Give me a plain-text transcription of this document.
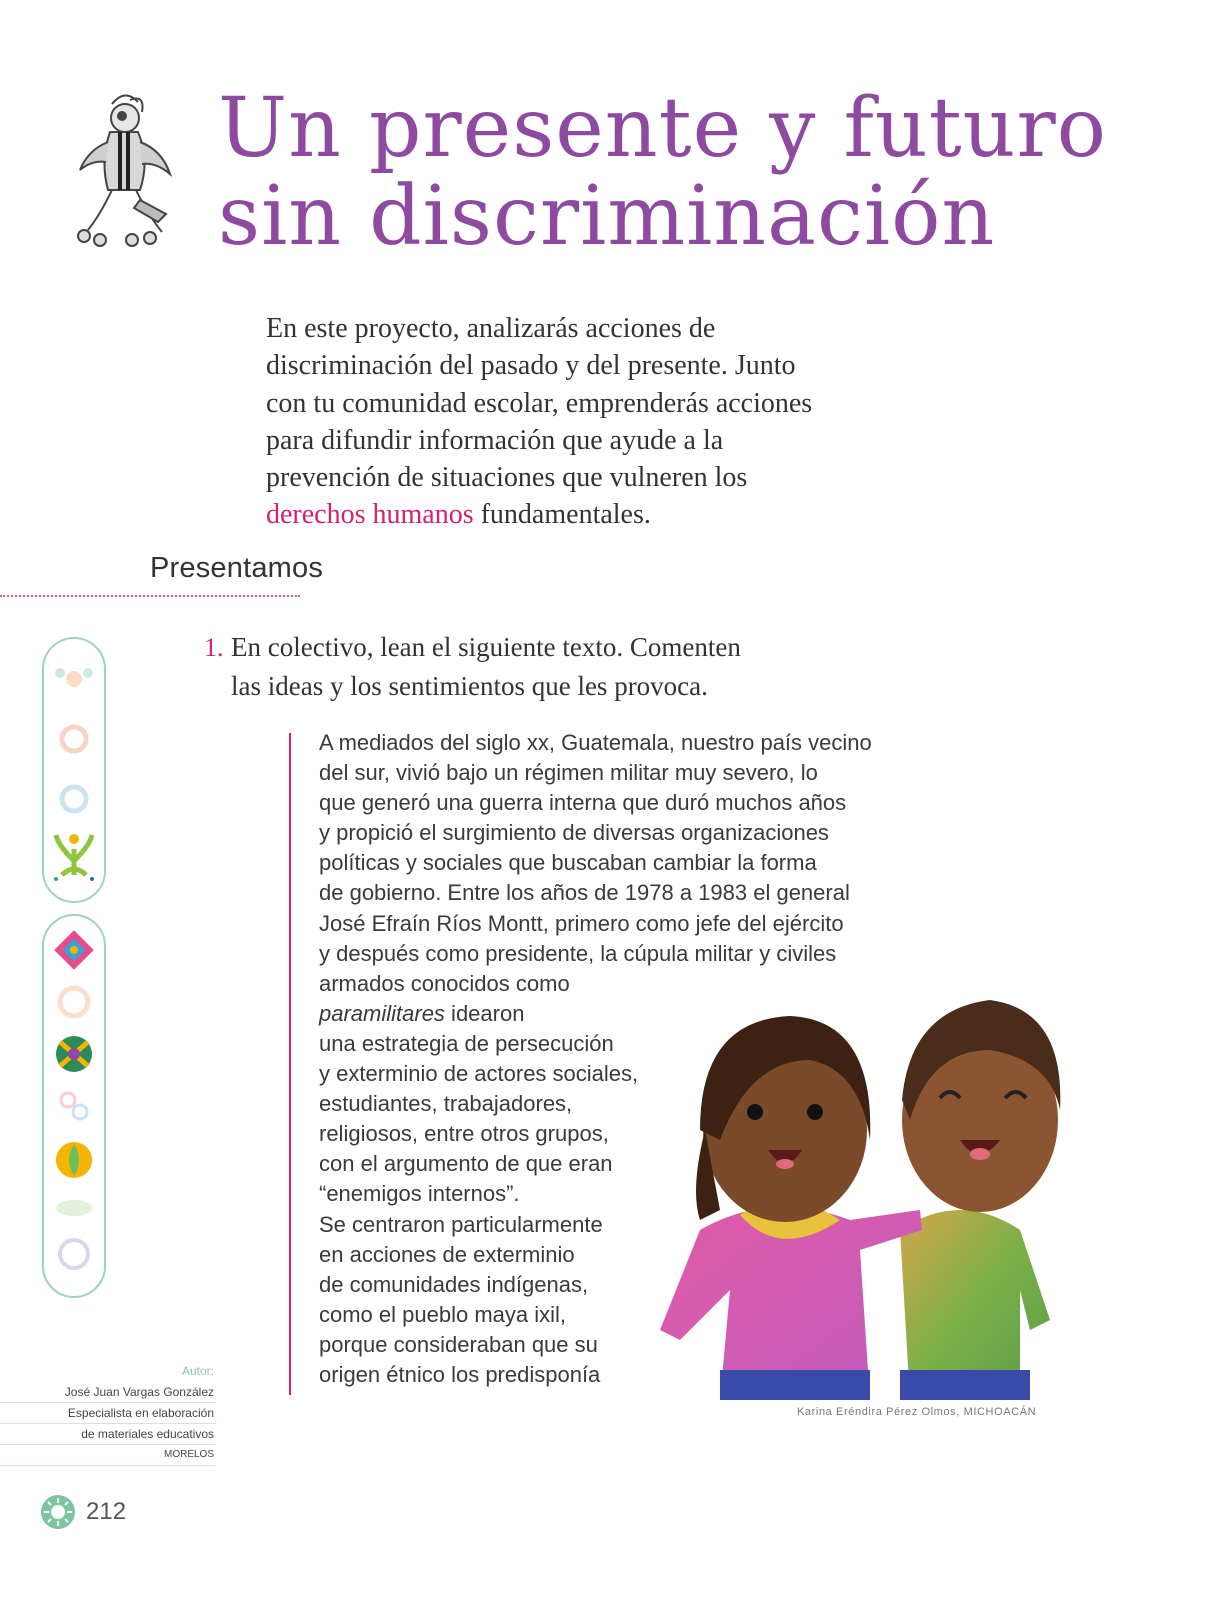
Un presente y futuro
sin discriminación
En este proyecto, analizarás acciones de discriminación del pasado y del presente. Junto con tu comunidad escolar, emprenderás acciones para difundir información que ayude a la prevención de situaciones que vulneren los derechos humanos fundamentales.
Presentamos
1. En colectivo, lean el siguiente texto. Comenten las ideas y los sentimientos que les provoca.

A mediados del siglo xx, Guatemala, nuestro país vecino

del sur, vivió bajo un régimen militar muy severo, lo

que generó una guerra interna que duró muchos años

y propició el surgimiento de diversas organizaciones

políticas y sociales que buscaban cambiar la forma

de gobierno. Entre los años de 1978 a 1983 el general

José Efraín Ríos Montt, primero como jefe del ejército

y después como presidente, la cúpula militar y civiles

armados conocidos como

paramilitares idearon

una estrategia de persecución

y exterminio de actores sociales,

estudiantes, trabajadores,

religiosos, entre otros grupos,

con el argumento de que eran

“enemigos internos”.

Se centraron particularmente

en acciones de exterminio

de comunidades indígenas,

como el pueblo maya ixil,

porque consideraban que su

origen étnico los predisponía

Karina Eréndira Pérez Olmos, MICHOACÁN
Autor:
José Juan Vargas González
Especialista en elaboración
de materiales educativos
MORELOS
212
